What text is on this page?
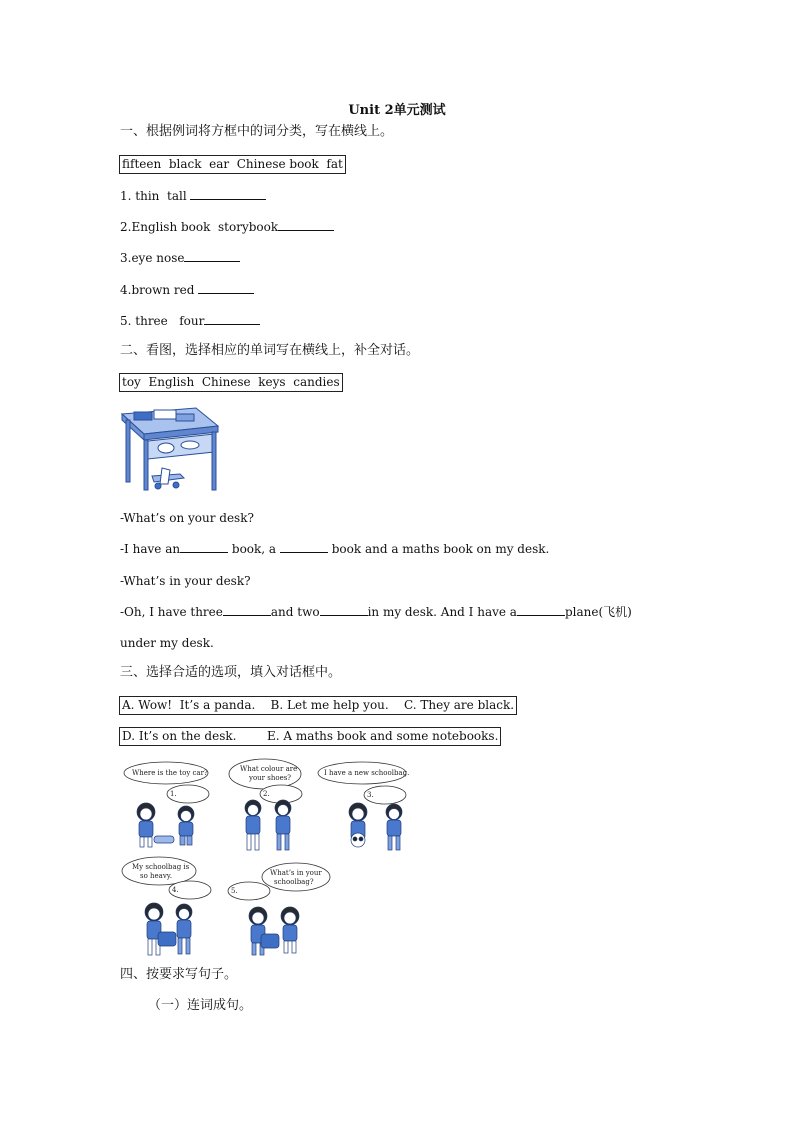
Unit 2单元测试
一、根据例词将方框中的词分类，写在横线上。
fifteen  black  ear  Chinese book  fat
1. thin  tall
2.English book  storybook
3.eye nose
4.brown red
5. three   four
二、看图，选择相应的单词写在横线上，补全对话。
toy  English  Chinese  keys  candies
-What’s on your desk?
-I have an	book, a	book and a maths book on my desk.
-What’s in your desk?
-Oh, I have three	and two	in my desk. And I have a	plane(飞机)
under my desk.
三、选择合适的选项，填入对话框中。
A. Wow!  It’s a panda.    B. Let me help you.    C. They are black.
D. It’s on the desk.        E. A maths book and some notebooks.
Where is the toy car?	What colour are
your shoes?
I have a new schoolbag.
My schoolbag is
so heavy.	What’s in your
schoolbag?
1.	2.	3.
4.	5.
四、按要求写句子。
（一）连词成句。
